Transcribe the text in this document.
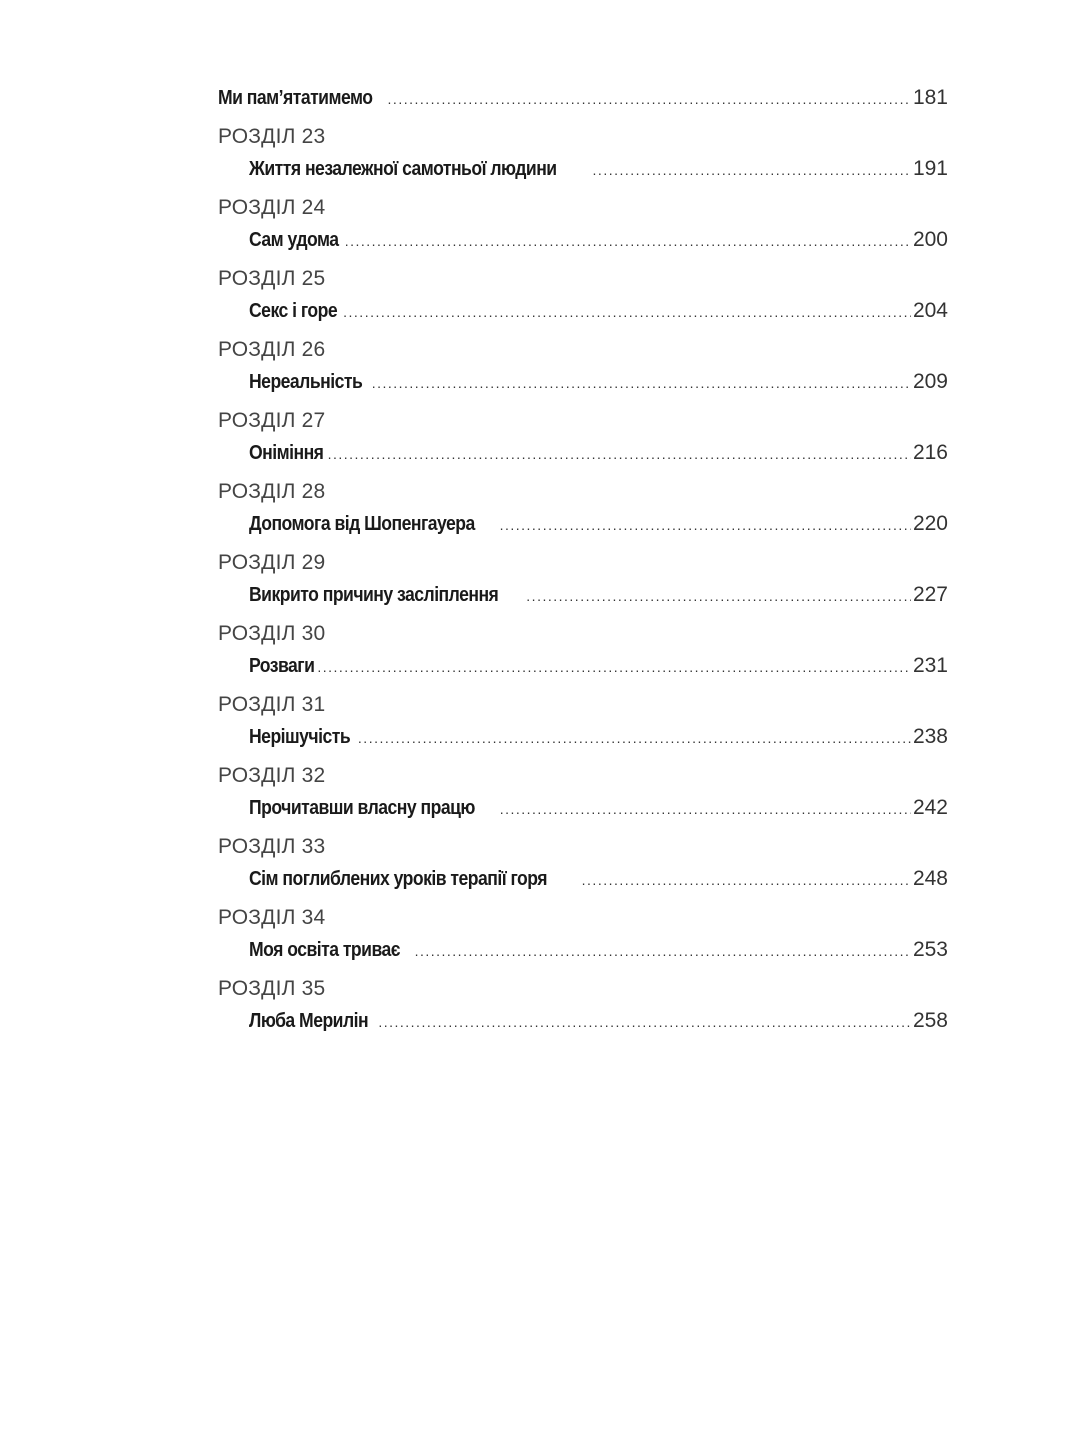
Ми пам’ятатимемо .....	181
РОЗДІЛ 23
Життя незалежної самотньої людини .....	191
РОЗДІЛ 24
Сам удома .....	200
РОЗДІЛ 25
Секс і горе .....	204
РОЗДІЛ 26
Нереальність .....	209
РОЗДІЛ 27
Оніміння .....	216
РОЗДІЛ 28
Допомога від Шопенгауера .....	220
РОЗДІЛ 29
Викрито причину засліплення .....	227
РОЗДІЛ 30
Розваги .....	231
РОЗДІЛ 31
Нерішучість .....	238
РОЗДІЛ 32
Прочитавши власну працю .....	242
РОЗДІЛ 33
Сім поглиблених уроків терапії горя .....	248
РОЗДІЛ 34
Моя освіта триває .....	253
РОЗДІЛ 35
Люба Мерилін .....	258
